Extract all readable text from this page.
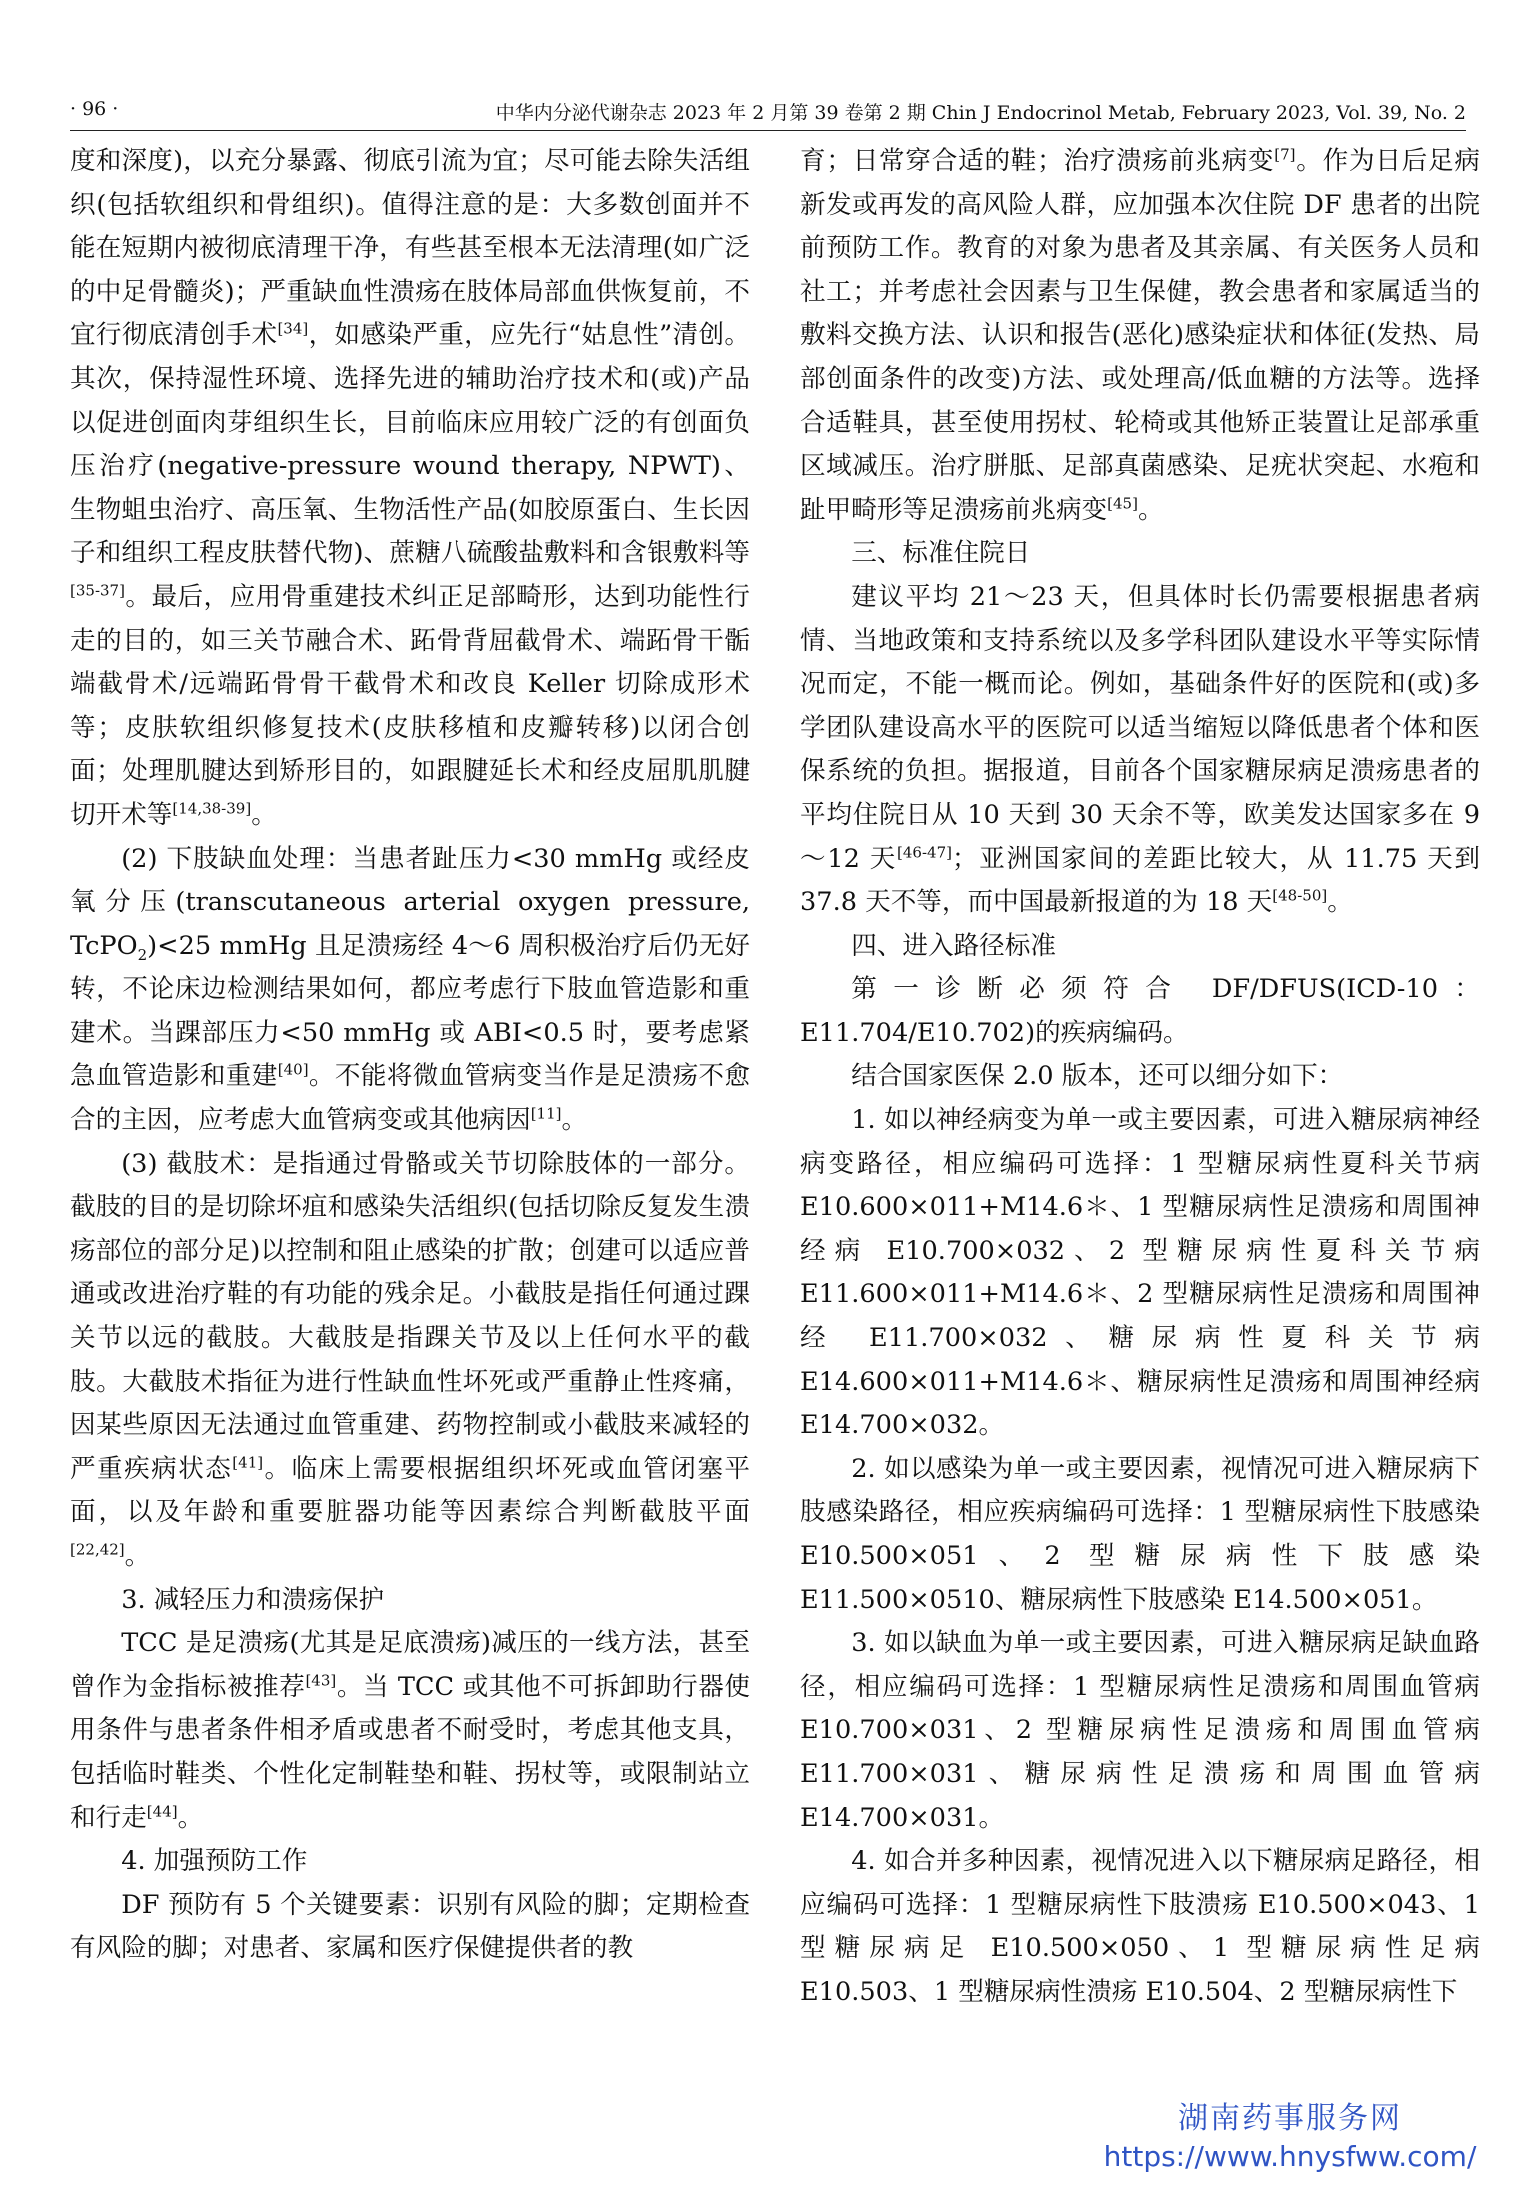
· 96 ·	中华内分泌代谢杂志 2023 年 2 月第 39 卷第 2 期 Chin J Endocrinol Metab, February 2023, Vol. 39, No. 2

度和深度)，以充分暴露、彻底引流为宜；尽可能去除失活组织(包括软组织和骨组织)。值得注意的是：大多数创面并不能在短期内被彻底清理干净，有些甚至根本无法清理(如广泛的中足骨髓炎)；严重缺血性溃疡在肢体局部血供恢复前，不宜行彻底清创手术[34]，如感染严重，应先行“姑息性”清创。其次，保持湿性环境、选择先进的辅助治疗技术和(或)产品以促进创面肉芽组织生长，目前临床应用较广泛的有创面负压治疗(negative-pressure wound therapy, NPWT)、生物蛆虫治疗、高压氧、生物活性产品(如胶原蛋白、生长因子和组织工程皮肤替代物)、蔗糖八硫酸盐敷料和含银敷料等[35-37]。最后，应用骨重建技术纠正足部畸形，达到功能性行走的目的，如三关节融合术、跖骨背屈截骨术、端跖骨干骺端截骨术/远端跖骨骨干截骨术和改良 Keller 切除成形术等；皮肤软组织修复技术(皮肤移植和皮瓣转移)以闭合创面；处理肌腱达到矫形目的，如跟腱延长术和经皮屈肌肌腱切开术等[14,38-39]。

(2) 下肢缺血处理：当患者趾压力<30 mmHg 或经皮氧分压(transcutaneous arterial oxygen pressure, TcPO$_2$)<25 mmHg 且足溃疡经 4～6 周积极治疗后仍无好转，不论床边检测结果如何，都应考虑行下肢血管造影和重建术。当踝部压力<50 mmHg 或 ABI<0.5 时，要考虑紧急血管造影和重建[40]。不能将微血管病变当作是足溃疡不愈合的主因，应考虑大血管病变或其他病因[11]。

(3) 截肢术：是指通过骨骼或关节切除肢体的一部分。截肢的目的是切除坏疽和感染失活组织(包括切除反复发生溃疡部位的部分足)以控制和阻止感染的扩散；创建可以适应普通或改进治疗鞋的有功能的残余足。小截肢是指任何通过踝关节以远的截肢。大截肢是指踝关节及以上任何水平的截肢。大截肢术指征为进行性缺血性坏死或严重静止性疼痛，因某些原因无法通过血管重建、药物控制或小截肢来减轻的严重疾病状态[41]。临床上需要根据组织坏死或血管闭塞平面，以及年龄和重要脏器功能等因素综合判断截肢平面[22,42]。

3. 减轻压力和溃疡保护

TCC 是足溃疡(尤其是足底溃疡)减压的一线方法，甚至曾作为金指标被推荐[43]。当 TCC 或其他不可拆卸助行器使用条件与患者条件相矛盾或患者不耐受时，考虑其他支具，包括临时鞋类、个性化定制鞋垫和鞋、拐杖等，或限制站立和行走[44]。

4. 加强预防工作

DF 预防有 5 个关键要素：识别有风险的脚；定期检查有风险的脚；对患者、家属和医疗保健提供者的教

育；日常穿合适的鞋；治疗溃疡前兆病变[7]。作为日后足病新发或再发的高风险人群，应加强本次住院 DF 患者的出院前预防工作。教育的对象为患者及其亲属、有关医务人员和社工；并考虑社会因素与卫生保健，教会患者和家属适当的敷料交换方法、认识和报告(恶化)感染症状和体征(发热、局部创面条件的改变)方法、或处理高/低血糖的方法等。选择合适鞋具，甚至使用拐杖、轮椅或其他矫正装置让足部承重区域减压。治疗胼胝、足部真菌感染、足疣状突起、水疱和趾甲畸形等足溃疡前兆病变[45]。

三、标准住院日

建议平均 21～23 天，但具体时长仍需要根据患者病情、当地政策和支持系统以及多学科团队建设水平等实际情况而定，不能一概而论。例如，基础条件好的医院和(或)多学团队建设高水平的医院可以适当缩短以降低患者个体和医保系统的负担。据报道，目前各个国家糖尿病足溃疡患者的平均住院日从 10 天到 30 天余不等，欧美发达国家多在 9～12 天[46-47]；亚洲国家间的差距比较大，从 11.75 天到 37.8 天不等，而中国最新报道的为 18 天[48-50]。

四、进入路径标准

第一诊断必须符合 DF/DFUS(ICD-10：E11.704/E10.702)的疾病编码。

结合国家医保 2.0 版本，还可以细分如下：

1. 如以神经病变为单一或主要因素，可进入糖尿病神经病变路径，相应编码可选择：1 型糖尿病性夏科关节病 E10.600×011+M14.6＊、1 型糖尿病性足溃疡和周围神经病 E10.700×032、2 型糖尿病性夏科关节病 E11.600×011+M14.6＊、2 型糖尿病性足溃疡和周围神经 E11.700×032、糖尿病性夏科关节病 E14.600×011+M14.6＊、糖尿病性足溃疡和周围神经病 E14.700×032。

2. 如以感染为单一或主要因素，视情况可进入糖尿病下肢感染路径，相应疾病编码可选择：1 型糖尿病性下肢感染 E10.500×051、2 型糖尿病性下肢感染 E11.500×0510、糖尿病性下肢感染 E14.500×051。

3. 如以缺血为单一或主要因素，可进入糖尿病足缺血路径，相应编码可选择：1 型糖尿病性足溃疡和周围血管病 E10.700×031、2 型糖尿病性足溃疡和周围血管病 E11.700×031、糖尿病性足溃疡和周围血管病 E14.700×031。

4. 如合并多种因素，视情况进入以下糖尿病足路径，相应编码可选择：1 型糖尿病性下肢溃疡 E10.500×043、1 型糖尿病足 E10.500×050、1 型糖尿病性足病 E10.503、1 型糖尿病性溃疡 E10.504、2 型糖尿病性下

湖南药事服务网
https://www.hnysfww.com/
